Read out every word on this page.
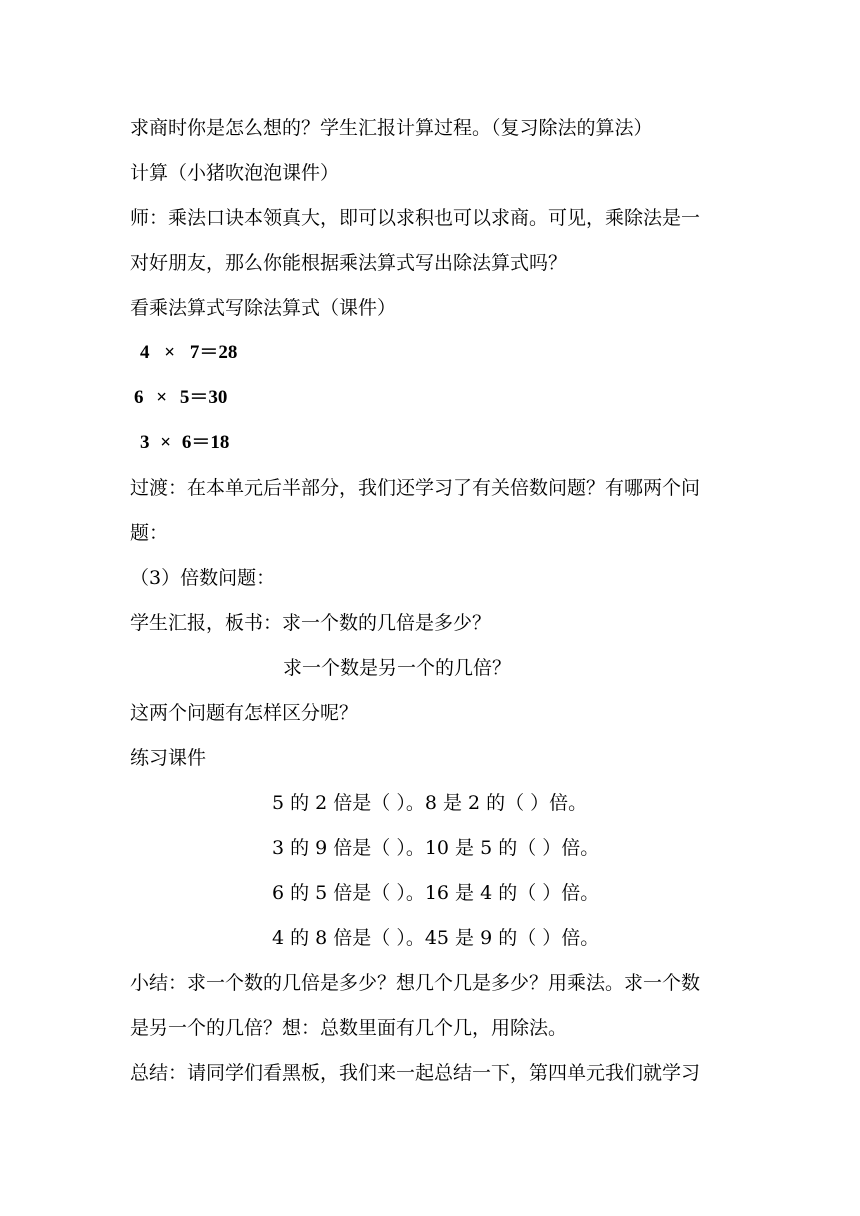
求商时你是怎么想的？学生汇报计算过程。（复习除法的算法）
计算（小猪吹泡泡课件）
师：乘法口诀本领真大，即可以求积也可以求商。可见，乘除法是一
对好朋友，那么你能根据乘法算式写出除法算式吗？
看乘法算式写除法算式（课件）
4 × 7＝28
6 × 5＝30
3 × 6＝18
过渡：在本单元后半部分，我们还学习了有关倍数问题？有哪两个问
题：
（3）倍数问题：
学生汇报，板书：求一个数的几倍是多少？
求一个数是另一个的几倍？
这两个问题有怎样区分呢？
练习课件
5 的 2 倍是（ ）。8 是 2 的（ ）倍。
3 的 9 倍是（ ）。10 是 5 的（ ）倍。
6 的 5 倍是（ ）。16 是 4 的（ ）倍。
4 的 8 倍是（ ）。45 是 9 的（ ）倍。
小结：求一个数的几倍是多少？想几个几是多少？用乘法。求一个数
是另一个的几倍？想：总数里面有几个几，用除法。
总结：请同学们看黑板，我们来一起总结一下，第四单元我们就学习
